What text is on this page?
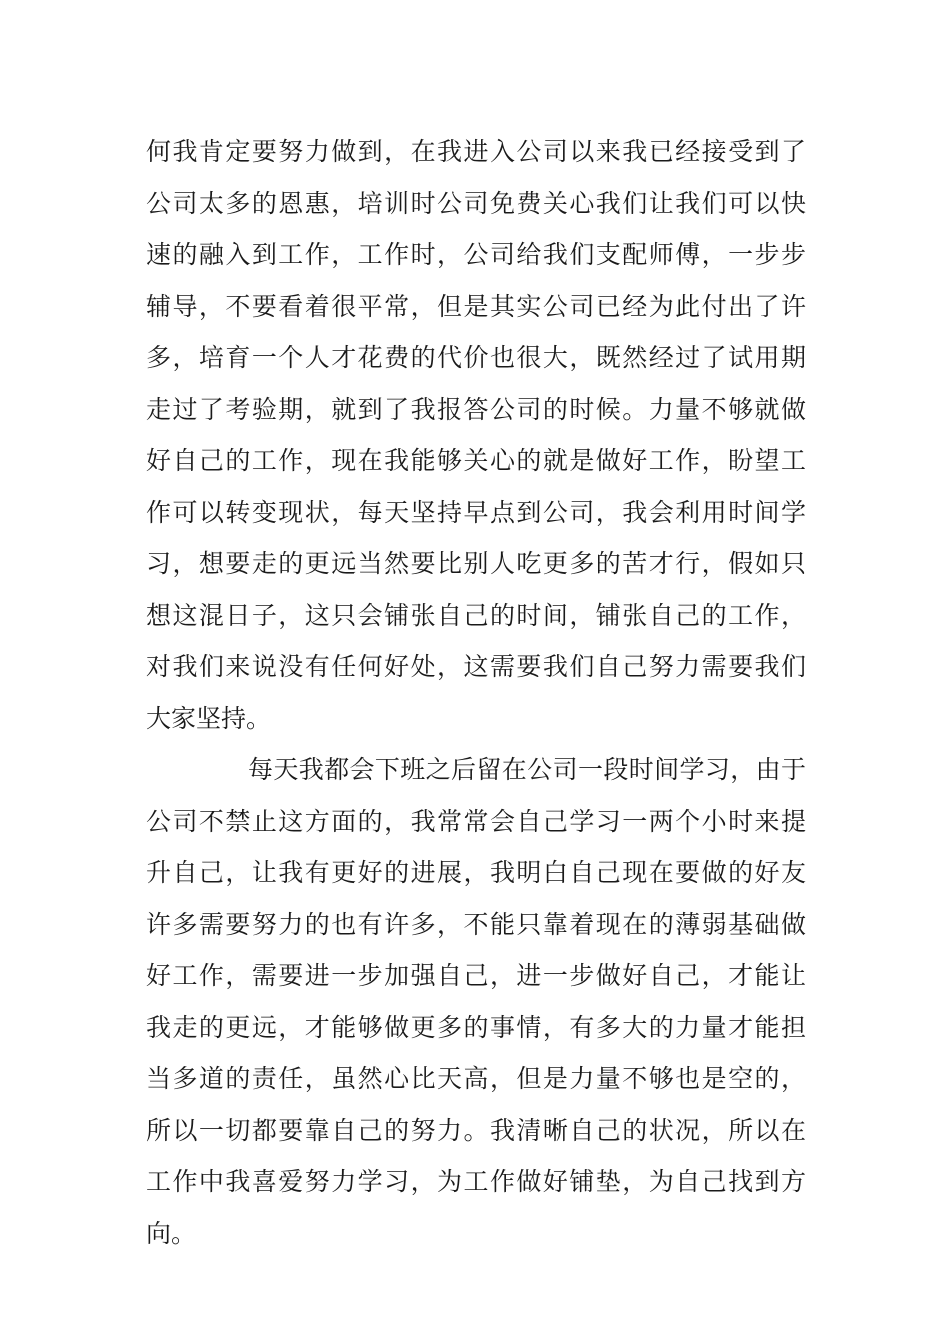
何我肯定要努力做到，在我进入公司以来我已经接受到了
公司太多的恩惠，培训时公司免费关心我们让我们可以快
速的融入到工作，工作时，公司给我们支配师傅，一步步
辅导，不要看着很平常，但是其实公司已经为此付出了许
多，培育一个人才花费的代价也很大，既然经过了试用期
走过了考验期，就到了我报答公司的时候。力量不够就做
好自己的工作，现在我能够关心的就是做好工作，盼望工
作可以转变现状，每天坚持早点到公司，我会利用时间学
习，想要走的更远当然要比别人吃更多的苦才行，假如只
想这混日子，这只会铺张自己的时间，铺张自己的工作，
对我们来说没有任何好处，这需要我们自己努力需要我们
大家坚持。
每天我都会下班之后留在公司一段时间学习，由于
公司不禁止这方面的，我常常会自己学习一两个小时来提
升自己，让我有更好的进展，我明白自己现在要做的好友
许多需要努力的也有许多，不能只靠着现在的薄弱基础做
好工作，需要进一步加强自己，进一步做好自己，才能让
我走的更远，才能够做更多的事情，有多大的力量才能担
当多道的责任，虽然心比天高，但是力量不够也是空的，
所以一切都要靠自己的努力。我清晰自己的状况，所以在
工作中我喜爱努力学习，为工作做好铺垫，为自己找到方
向。
